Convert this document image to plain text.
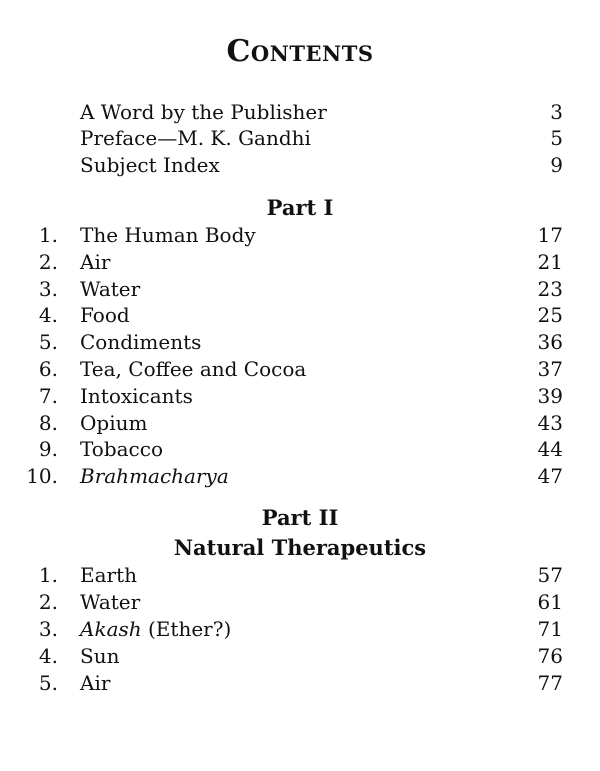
Contents
A Word by the Publisher	3
Preface—M. K. Gandhi	5
Subject Index	9
Part I
1. The Human Body	17
2. Air	21
3. Water	23
4. Food	25
5. Condiments	36
6. Tea, Coffee and Cocoa	37
7. Intoxicants	39
8. Opium	43
9. Tobacco	44
10. Brahmacharya	47
Part II
Natural Therapeutics
1. Earth	57
2. Water	61
3. Akash (Ether?)	71
4. Sun	76
5. Air	77
